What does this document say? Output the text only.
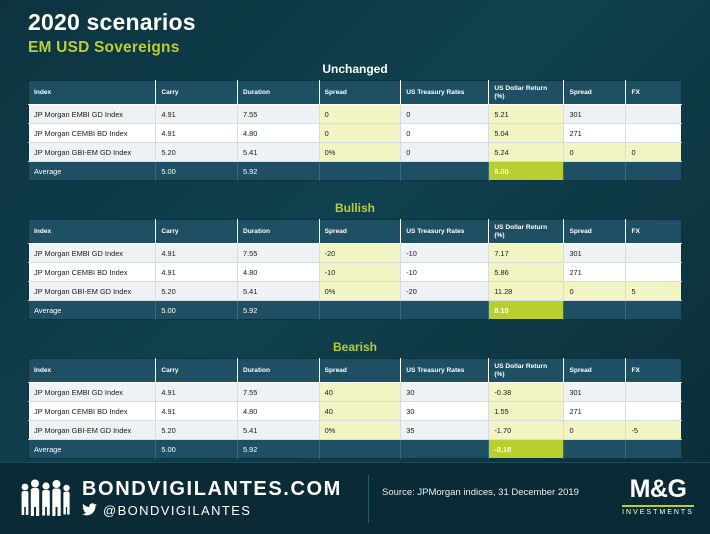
2020 scenarios
EM USD Sovereigns
Unchanged
Index	Carry	Duration	Spread	US Treasury Rates	US Dollar Return (%)	Spread	FX
JP Morgan EMBI GD Index	4.91	7.55	0	0	5.21	301	
JP Morgan CEMBI BD Index	4.91	4.80	0	0	5.04	271	
JP Morgan GBI-EM GD Index	5.20	5.41	0%	0	5.24	0	0
Average	5.00	5.92			5.00		
Bullish
Index	Carry	Duration	Spread	US Treasury Rates	US Dollar Return (%)	Spread	FX
JP Morgan EMBI GD Index	4.91	7.55	-20	-10	7.17	301	
JP Morgan CEMBI BD Index	4.91	4.80	-10	-10	5.86	271	
JP Morgan GBI-EM GD Index	5.20	5.41	0%	-20	11.28	0	5
Average	5.00	5.92			8.10		
Bearish
Index	Carry	Duration	Spread	US Treasury Rates	US Dollar Return (%)	Spread	FX
JP Morgan EMBI GD Index	4.91	7.55	40	30	-0.38	301	
JP Morgan CEMBI BD Index	4.91	4.80	40	30	1.55	271	
JP Morgan GBI-EM GD Index	5.20	5.41	0%	35	-1.70	0	-5
Average	5.00	5.92			-0.18		
BONDVIGILANTES.COM
@BONDVIGILANTES
Source: JPMorgan indices, 31 December 2019	M&G
INVESTMENTS
